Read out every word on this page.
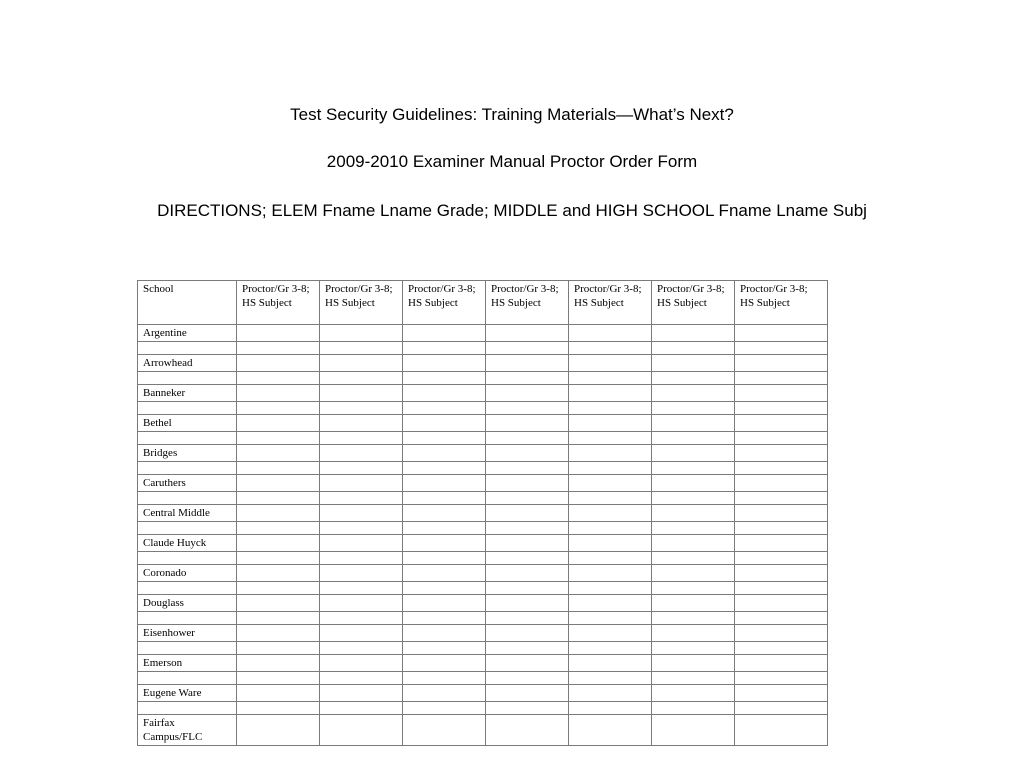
Test Security Guidelines: Training Materials—What’s Next?
2009-2010 Examiner Manual Proctor Order Form
DIRECTIONS; ELEM Fname Lname Grade; MIDDLE and HIGH SCHOOL Fname Lname Subj
School	Proctor/Gr 3-8; HS Subject	Proctor/Gr 3-8; HS Subject	Proctor/Gr 3-8; HS Subject	Proctor/Gr 3-8; HS Subject	Proctor/Gr 3-8; HS Subject	Proctor/Gr 3-8; HS Subject	Proctor/Gr 3-8; HS Subject
Argentine							

Arrowhead							

Banneker							

Bethel							

Bridges							

Caruthers							

Central Middle							

Claude Huyck							

Coronado							

Douglass							

Eisenhower							

Emerson							

Eugene Ware							

Fairfax Campus/FLC							
